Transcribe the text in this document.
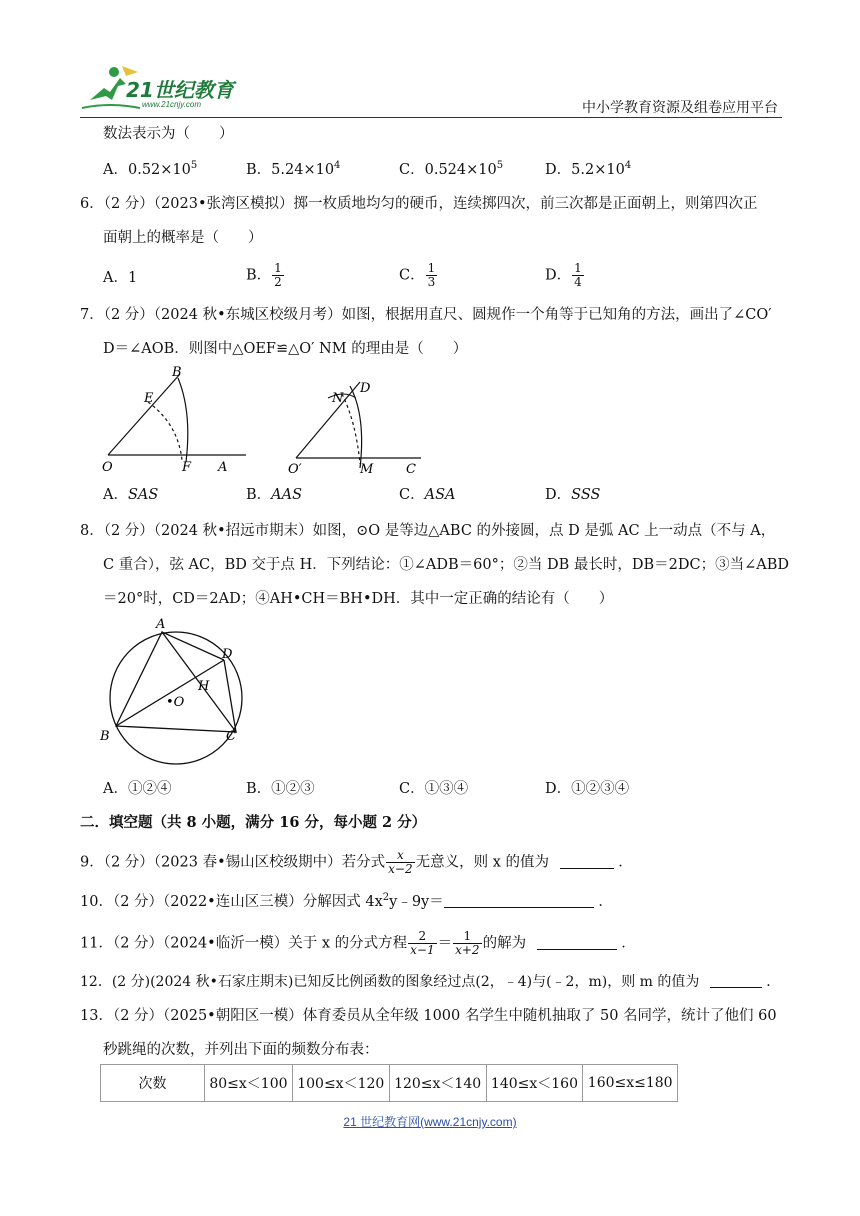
21世纪教育
www.21cnjy.com	中小学教育资源及组卷应用平台
数法表示为（　　）
A．$0.52\times 10^5$	B．$5.24\times 10^4$	C．$0.524\times 10^5$	D．$5.2\times 10^4$
6．（2 分）（2023•张湾区模拟）掷一枚质地均匀的硬币，连续掷四次，前三次都是正面朝上，则第四次正
面朝上的概率是（　　）
A．1	B． $\frac{1}{2}$	C． $\frac{1}{3}$	D． $\frac{1}{4}$
7．（2 分）（2024 秋•东城区校级月考）如图，根据用直尺、圆规作一个角等于已知角的方法，画出了∠CO′
D＝∠AOB．则图中△OEF≌△O′ NM 的理由是（　　）
B
E
O	F A
N
D
O′	M	C
A．SAS	B．AAS	C．ASA	D．SSS
8．（2 分）（2024 秋•招远市期末）如图，⊙O 是等边△ABC 的外接圆，点 D 是弧 AC 上一动点（不与 A，
C 重合），弦 AC，BD 交于点 H．下列结论：①∠ADB＝60°；②当 DB 最长时，DB＝2DC；③当∠ABD
＝20°时，CD＝2AD；④AH•CH＝BH•DH．其中一定正确的结论有（　　）
A
B	C
D
H
•O
A．①②④	B．①②③	C．①③④	D．①②③④
二．填空题（共 8 小题，满分 16 分，每小题 2 分）
9．（2 分）（2023 春•锡山区校级期中）若分式 $\frac{x}{x-2}$ 无意义，则 x 的值为	．
10．（2 分）（2022•连山区三模）分解因式 $4x^2y﹣9y=$	．
11．（2 分）（2024•临沂一模）关于 x 的分式方程 $\frac{2}{x-1} = \frac{1}{x+2}$ 的解为	．
12．(2 分)(2024 秋•石家庄期末)已知反比例函数的图象经过点(2，﹣4)与(﹣2，m)，则 m 的值为	．
13．（2 分）（2025•朝阳区一模）体育委员从全年级 1000 名学生中随机抽取了 50 名同学，统计了他们 60
秒跳绳的次数，并列出下面的频数分布表：
次数	80≤x＜100	100≤x＜120	120≤x＜140	140≤x＜160	160≤x≤180
21 世纪教育网(www.21cnjy.com)
